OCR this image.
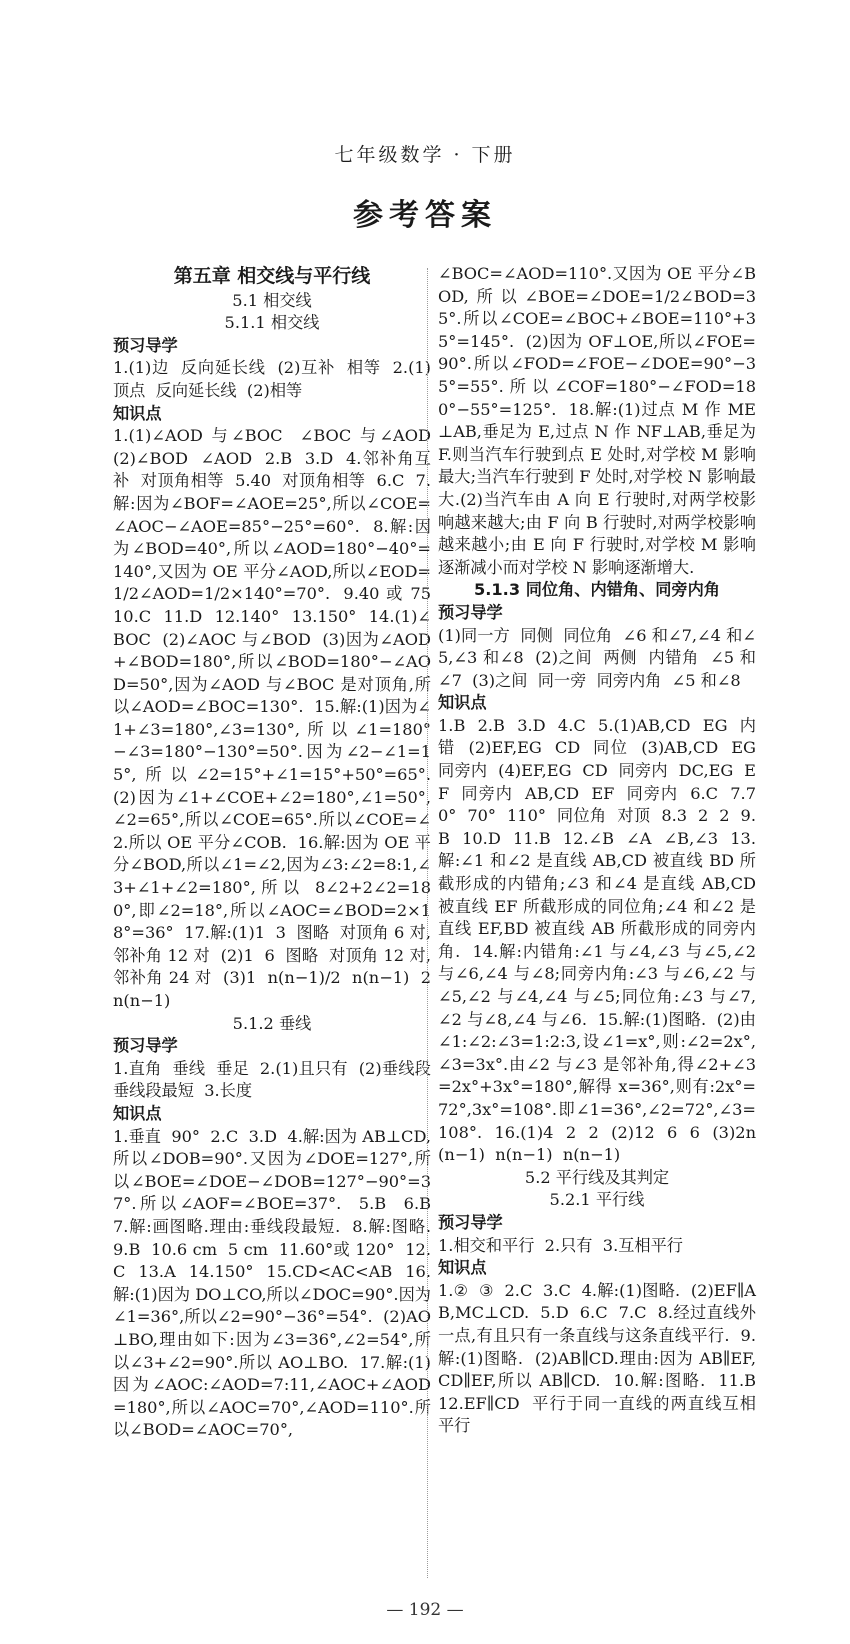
七年级数学 · 下册
参考答案
第五章 相交线与平行线
5.1 相交线
5.1.1 相交线
预习导学
1.(1)边  反向延长线  (2)互补  相等  2.(1)顶点  反向延长线  (2)相等
知识点
1.(1)∠AOD 与∠BOC  ∠BOC 与∠AOD  (2)∠BOD  ∠AOD  2.B  3.D  4.邻补角互补  对顶角相等  5.40  对顶角相等  6.C  7.解:因为∠BOF=∠AOE=25°,所以∠COE=∠AOC−∠AOE=85°−25°=60°.  8.解:因为∠BOD=40°,所以∠AOD=180°−40°=140°,又因为 OE 平分∠AOD,所以∠EOD=1/2∠AOD=1/2×140°=70°.  9.40 或 75  10.C  11.D  12.140°  13.150°  14.(1)∠BOC  (2)∠AOC 与∠BOD  (3)因为∠AOD+∠BOD=180°,所以∠BOD=180°−∠AOD=50°,因为∠AOD 与∠BOC 是对顶角,所以∠AOD=∠BOC=130°.  15.解:(1)因为∠1+∠3=180°,∠3=130°,所以∠1=180°−∠3=180°−130°=50°.因为∠2−∠1=15°,所以∠2=15°+∠1=15°+50°=65°.  (2)因为∠1+∠COE+∠2=180°,∠1=50°,∠2=65°,所以∠COE=65°.所以∠COE=∠2.所以 OE 平分∠COB.  16.解:因为 OE 平分∠BOD,所以∠1=∠2,因为∠3:∠2=8:1,∠3+∠1+∠2=180°,所以 8∠2+2∠2=180°,即∠2=18°,所以∠AOC=∠BOD=2×18°=36°  17.解:(1)1  3  图略  对顶角 6 对,邻补角 12 对  (2)1  6  图略  对顶角 12 对,邻补角 24 对  (3)1  n(n−1)/2  n(n−1)  2n(n−1)
5.1.2 垂线
预习导学
1.直角  垂线  垂足  2.(1)且只有  (2)垂线段  垂线段最短  3.长度
知识点
1.垂直  90°  2.C  3.D  4.解:因为 AB⊥CD,所以∠DOB=90°.又因为∠DOE=127°,所以∠BOE=∠DOE−∠DOB=127°−90°=37°.所以∠AOF=∠BOE=37°.  5.B  6.B  7.解:画图略.理由:垂线段最短.  8.解:图略.  9.B  10.6 cm  5 cm  11.60°或 120°  12.C  13.A  14.150°  15.CD<AC<AB  16.解:(1)因为 DO⊥CO,所以∠DOC=90°.因为∠1=36°,所以∠2=90°−36°=54°.  (2)AO⊥BO,理由如下:因为∠3=36°,∠2=54°,所以∠3+∠2=90°.所以 AO⊥BO.  17.解:(1)因为∠AOC:∠AOD=7:11,∠AOC+∠AOD=180°,所以∠AOC=70°,∠AOD=110°.所以∠BOD=∠AOC=70°,
∠BOC=∠AOD=110°.又因为 OE 平分∠BOD,所以∠BOE=∠DOE=1/2∠BOD=35°.所以∠COE=∠BOC+∠BOE=110°+35°=145°.  (2)因为 OF⊥OE,所以∠FOE=90°.所以∠FOD=∠FOE−∠DOE=90°−35°=55°.所以∠COF=180°−∠FOD=180°−55°=125°.  18.解:(1)过点 M 作 ME⊥AB,垂足为 E,过点 N 作 NF⊥AB,垂足为 F.则当汽车行驶到点 E 处时,对学校 M 影响最大;当汽车行驶到 F 处时,对学校 N 影响最大.(2)当汽车由 A 向 E 行驶时,对两学校影响越来越大;由 F 向 B 行驶时,对两学校影响越来越小;由 E 向 F 行驶时,对学校 M 影响逐渐减小而对学校 N 影响逐渐增大.
5.1.3 同位角、内错角、同旁内角
预习导学
(1)同一方  同侧  同位角  ∠6 和∠7,∠4 和∠5,∠3 和∠8  (2)之间  两侧  内错角  ∠5 和∠7  (3)之间  同一旁  同旁内角  ∠5 和∠8
知识点
1.B  2.B  3.D  4.C  5.(1)AB,CD  EG  内错  (2)EF,EG  CD  同位  (3)AB,CD  EG  同旁内  (4)EF,EG  CD  同旁内  DC,EG  EF  同旁内  AB,CD  EF  同旁内  6.C  7.70°  70°  110°  同位角  对顶  8.3  2  2  9.B  10.D  11.B  12.∠B  ∠A  ∠B,∠3  13.解:∠1 和∠2 是直线 AB,CD 被直线 BD 所截形成的内错角;∠3 和∠4 是直线 AB,CD 被直线 EF 所截形成的同位角;∠4 和∠2 是直线 EF,BD 被直线 AB 所截形成的同旁内角.  14.解:内错角:∠1 与∠4,∠3 与∠5,∠2 与∠6,∠4 与∠8;同旁内角:∠3 与∠6,∠2 与∠5,∠2 与∠4,∠4 与∠5;同位角:∠3 与∠7,∠2 与∠8,∠4 与∠6.  15.解:(1)图略.  (2)由∠1:∠2:∠3=1:2:3,设∠1=x°,则:∠2=2x°,∠3=3x°.由∠2 与∠3 是邻补角,得∠2+∠3=2x°+3x°=180°,解得 x=36°,则有:2x°=72°,3x°=108°.即∠1=36°,∠2=72°,∠3=108°.  16.(1)4  2  2  (2)12  6  6  (3)2n(n−1)  n(n−1)  n(n−1)
5.2 平行线及其判定
5.2.1 平行线
预习导学
1.相交和平行  2.只有  3.互相平行
知识点
1.②  ③  2.C  3.C  4.解:(1)图略.  (2)EF∥AB,MC⊥CD.  5.D  6.C  7.C  8.经过直线外一点,有且只有一条直线与这条直线平行.  9.解:(1)图略.  (2)AB∥CD.理由:因为 AB∥EF,CD∥EF,所以 AB∥CD.  10.解:图略.  11.B  12.EF∥CD  平行于同一直线的两直线互相平行
— 192 —
